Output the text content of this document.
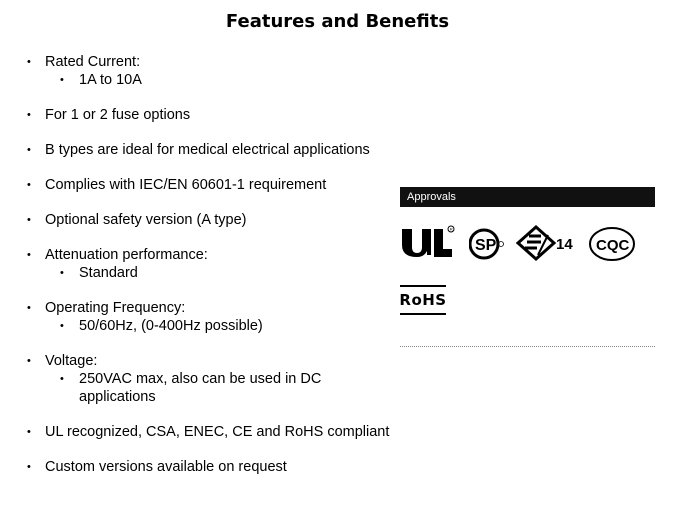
Features and Benefits
• Rated Current:
• 1A to 10A
• For 1 or 2 fuse options
• B types are ideal for medical electrical applications
• Complies with IEC/EN 60601-1 requirement
• Optional safety version (A type)
• Attenuation performance:
• Standard
• Operating Frequency:
• 50/60Hz, (0-400Hz possible)
• Voltage:
• 250VAC max, also can be used in DC applications
• UL recognized, CSA, ENEC, CE and RoHS compliant
• Custom versions available on request
Approvals
R
SP	14 CQC
RoHS
